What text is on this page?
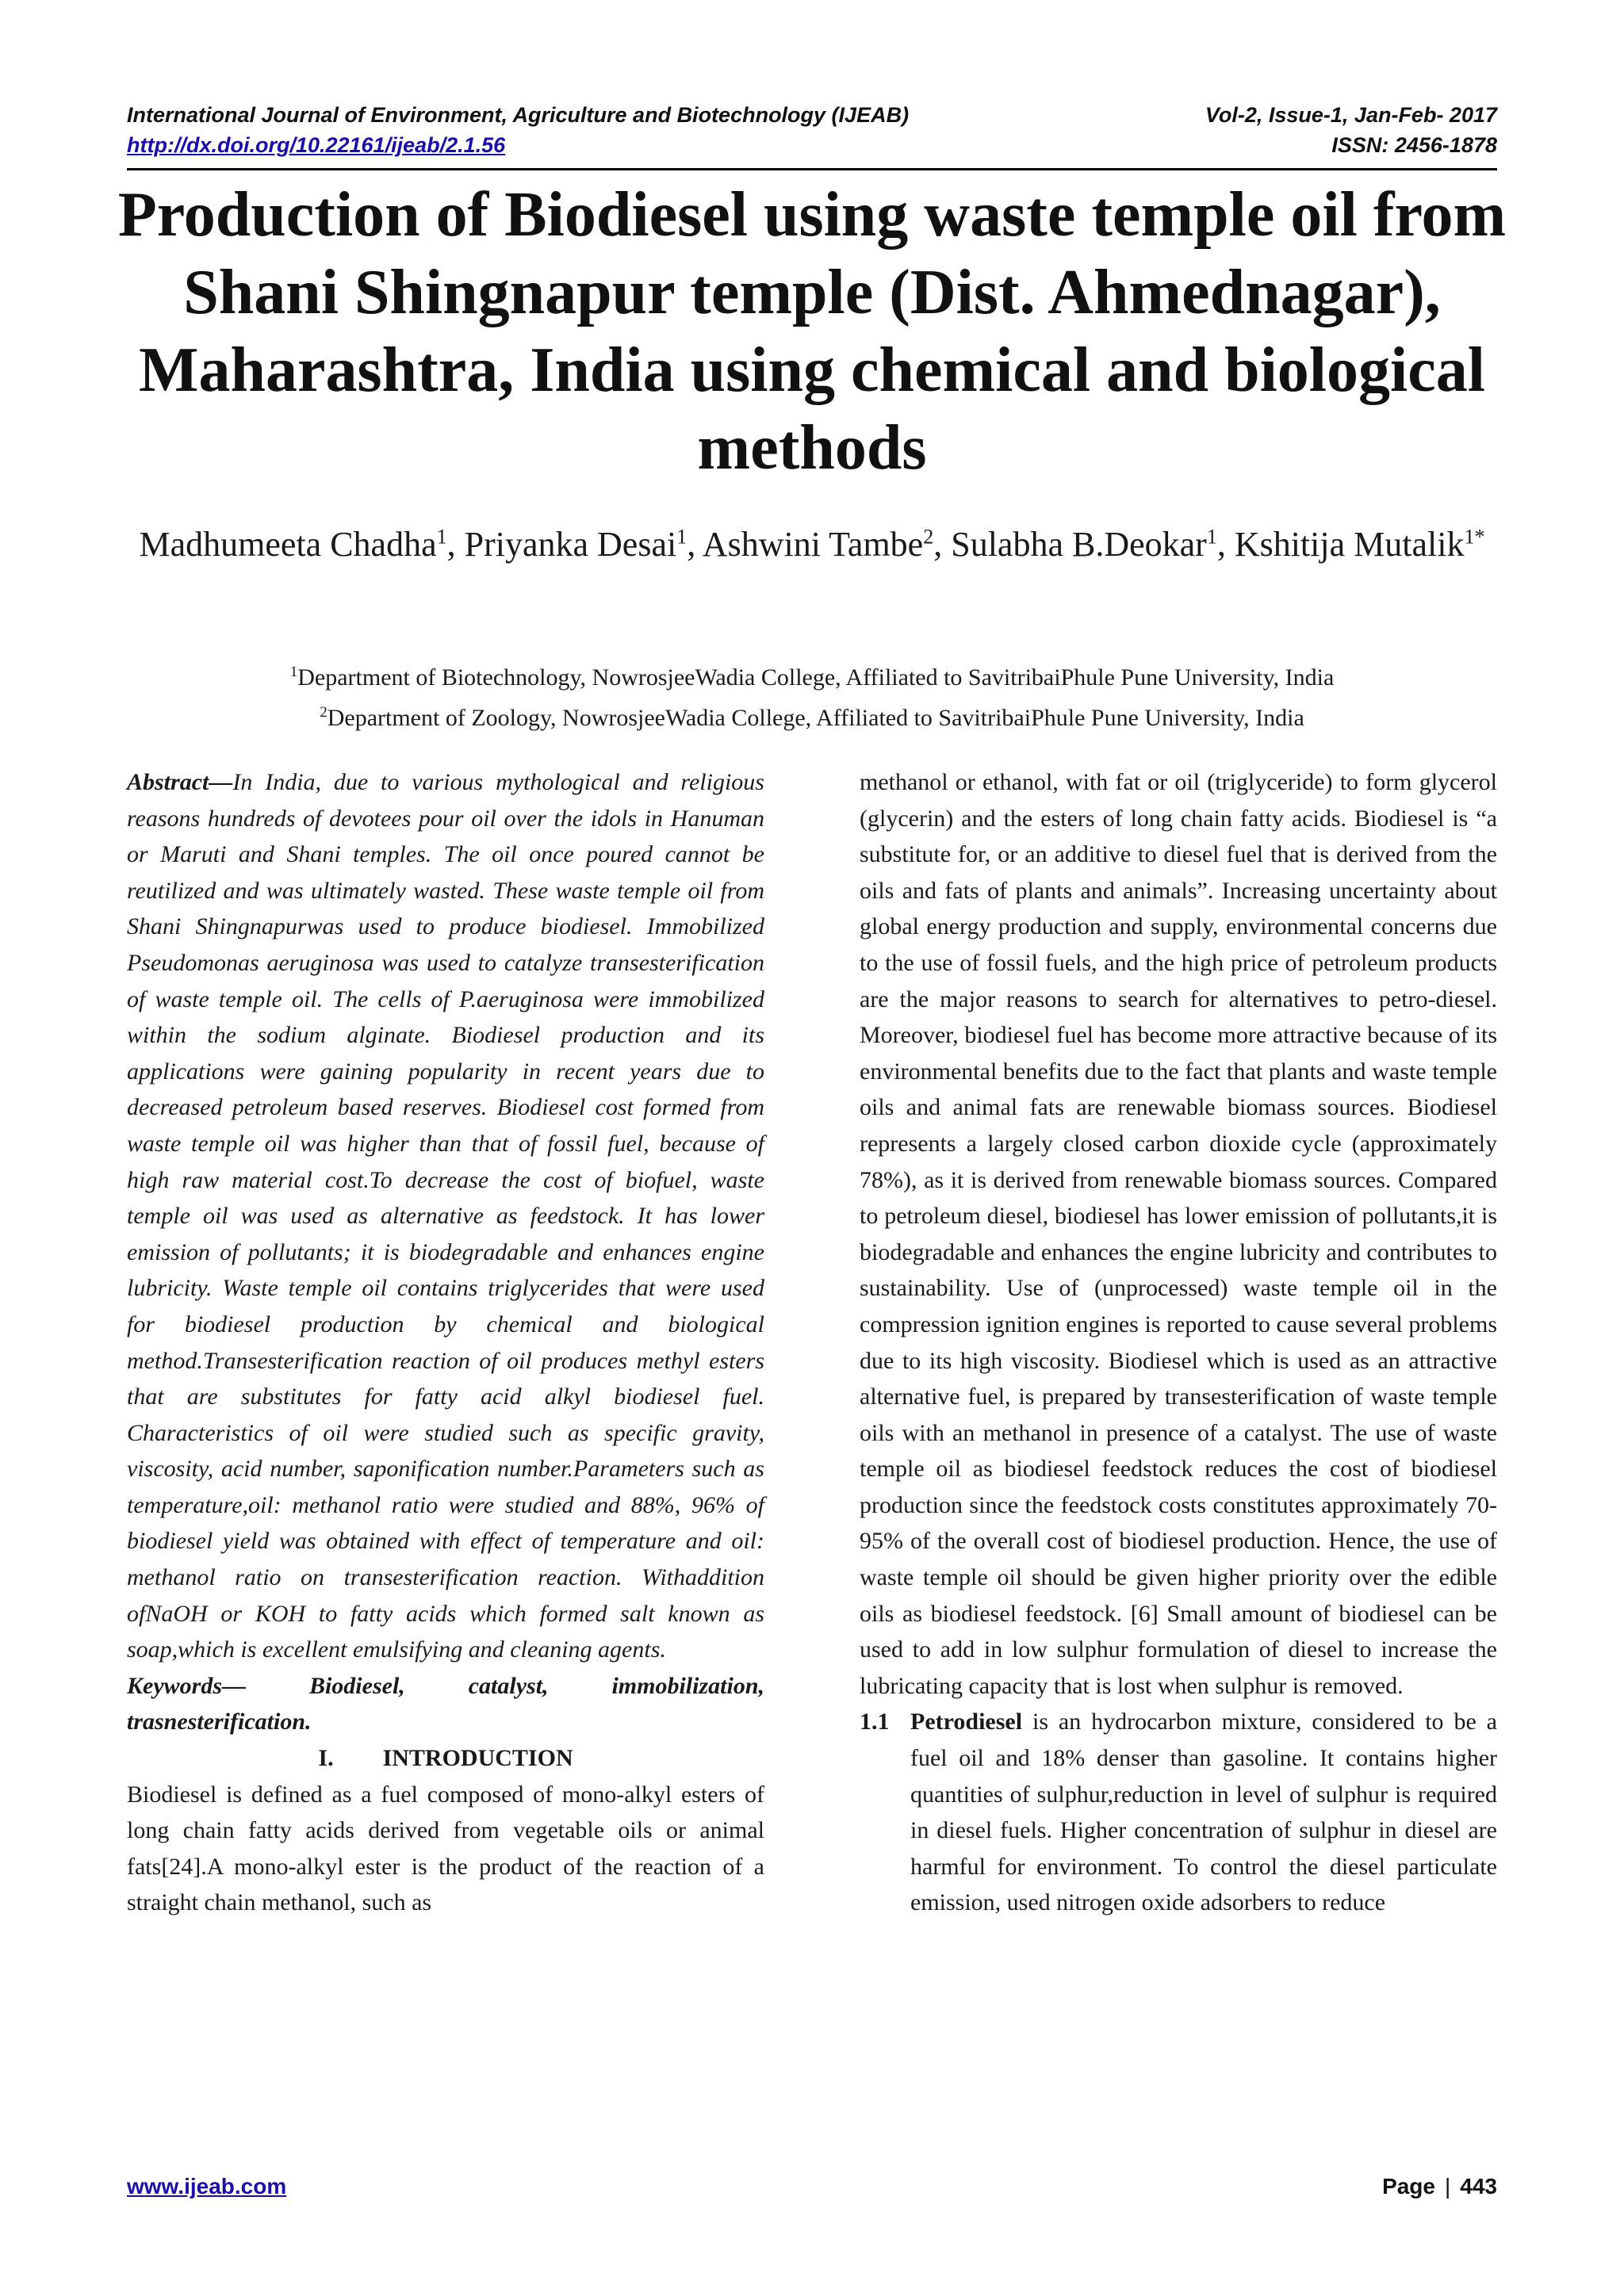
International Journal of Environment, Agriculture and Biotechnology (IJEAB)	Vol-2, Issue-1, Jan-Feb- 2017
http://dx.doi.org/10.22161/ijeab/2.1.56	ISSN: 2456-1878
Production of Biodiesel using waste temple oil from Shani Shingnapur temple (Dist. Ahmednagar), Maharashtra, India using chemical and biological methods
Madhumeeta Chadha$^1$, Priyanka Desai$^1$, Ashwini Tambe$^2$, Sulabha B.Deokar$^1$, Kshitija Mutalik$^{1*}$
$^1$Department of Biotechnology, NowrosjeeWadia College, Affiliated to SavitribaiPhule Pune University, India
$^2$Department of Zoology, NowrosjeeWadia College, Affiliated to SavitribaiPhule Pune University, India

Abstract—In India, due to various mythological and religious reasons hundreds of devotees pour oil over the idols in Hanuman or Maruti and Shani temples. The oil once poured cannot be reutilized and was ultimately wasted. These waste temple oil from Shani Shingnapurwas used to produce biodiesel. Immobilized Pseudomonas aeruginosa was used to catalyze transesterification of waste temple oil. The cells of P.aeruginosa were immobilized within the sodium alginate. Biodiesel production and its applications were gaining popularity in recent years due to decreased petroleum based reserves. Biodiesel cost formed from waste temple oil was higher than that of fossil fuel, because of high raw material cost.To decrease the cost of biofuel, waste temple oil was used as alternative as feedstock. It has lower emission of pollutants; it is biodegradable and enhances engine lubricity. Waste temple oil contains triglycerides that were used for biodiesel production by chemical and biological method.Transesterification reaction of oil produces methyl esters that are substitutes for fatty acid alkyl biodiesel fuel. Characteristics of oil were studied such as specific gravity, viscosity, acid number, saponification number.Parameters such as temperature,oil: methanol ratio were studied and 88%, 96% of biodiesel yield was obtained with effect of temperature and oil: methanol ratio on transesterification reaction. Withaddition ofNaOH or KOH to fatty acids which formed salt known as soap,which is excellent emulsifying and cleaning agents.

Keywords—	Biodiesel, catalyst, immobilization, trasnesterification.

I. INTRODUCTION

Biodiesel is defined as a fuel composed of mono-alkyl esters of long chain fatty acids derived from vegetable oils or animal fats[24].A mono-alkyl ester is the product of the reaction of a straight chain methanol, such as

methanol or ethanol, with fat or oil (triglyceride) to form glycerol (glycerin) and the esters of long chain fatty acids. Biodiesel is “a substitute for, or an additive to diesel fuel that is derived from the oils and fats of plants and animals”. Increasing uncertainty about global energy production and supply, environmental concerns due to the use of fossil fuels, and the high price of petroleum products are the major reasons to search for alternatives to petro-diesel. Moreover, biodiesel fuel has become more attractive because of its environmental benefits due to the fact that plants and waste temple oils and animal fats are renewable biomass sources. Biodiesel represents a largely closed carbon dioxide cycle (approximately 78%), as it is derived from renewable biomass sources. Compared to petroleum diesel, biodiesel has lower emission of pollutants,it is biodegradable and enhances the engine lubricity and contributes to sustainability. Use of (unprocessed) waste temple oil in the compression ignition engines is reported to cause several problems due to its high viscosity. Biodiesel which is used as an attractive alternative fuel, is prepared by transesterification of waste temple oils with an methanol in presence of a catalyst. The use of waste temple oil as biodiesel feedstock reduces the cost of biodiesel production since the feedstock costs constitutes approximately 70-95% of the overall cost of biodiesel production. Hence, the use of waste temple oil should be given higher priority over the edible oils as biodiesel feedstock. [6] Small amount of biodiesel can be used to add in low sulphur formulation of diesel to increase the lubricating capacity that is lost when sulphur is removed.

1.1 Petrodiesel is an hydrocarbon mixture, considered to be a fuel oil and 18% denser than gasoline. It contains higher quantities of sulphur,reduction in level of sulphur is required in diesel fuels. Higher concentration of sulphur in diesel are harmful for environment. To control the diesel particulate emission, used nitrogen oxide adsorbers to reduce
www.ijeab.com	Page | 443
